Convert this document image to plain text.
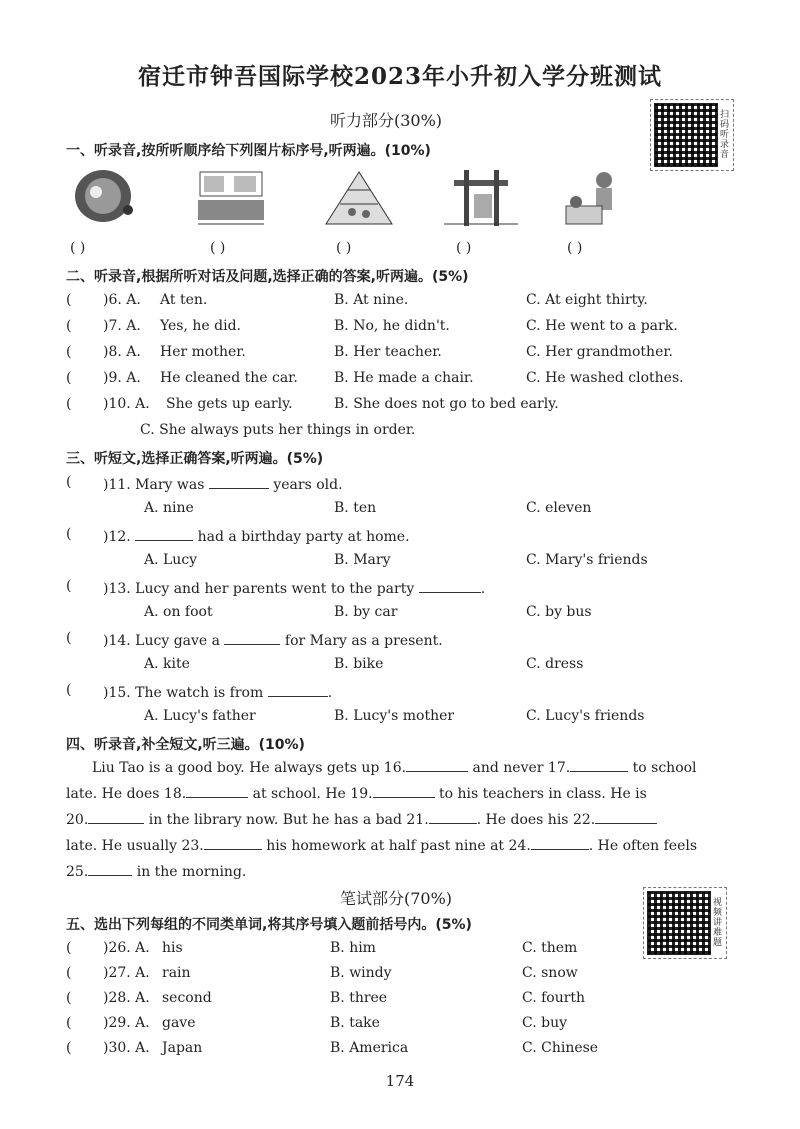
宿迁市钟吾国际学校2023年小升初入学分班测试
听力部分(30%)	扫码听录音
一、听录音,按所听顺序给下列图片标序号,听两遍。(10%)
( )	( )	( )	( )	( )
二、听录音,根据所听对话及问题,选择正确的答案,听两遍。(5%)
( )6. A. At ten.	B. At nine.	C. At eight thirty.
( )7. A. Yes, he did.	B. No, he didn't.	C. He went to a park.
( )8. A. Her mother.	B. Her teacher.	C. Her grandmother.
( )9. A. He cleaned the car.	B. He made a chair.	C. He washed clothes.
( )10. A. She gets up early.	B. She does not go to bed early.
C. She always puts her things in order.
三、听短文,选择正确答案,听两遍。(5%)
( )11. Mary was	years old.
A. nine	B. ten	C. eleven
( )12.	had a birthday party at home.
A. Lucy	B. Mary	C. Mary's friends
( )13. Lucy and her parents went to the party	.
A. on foot	B. by car	C. by bus
( )14. Lucy gave a	for Mary as a present.
A. kite	B. bike	C. dress
( )15. The watch is from	.
A. Lucy's father	B. Lucy's mother	C. Lucy's friends
四、听录音,补全短文,听三遍。(10%)
Liu Tao is a good boy. He always gets up 16.	and never 17.	to school
late. He does 18.	at school. He 19.	to his teachers in class. He is
20.	in the library now. But he has a bad 21.	. He does his 22.
late. He usually 23.	his homework at half past nine at 24.	. He often feels
25.	in the morning.
笔试部分(70%)	视频讲难题
五、选出下列每组的不同类单词,将其序号填入题前括号内。(5%)
( )26. A. his	B. him	C. them
( )27. A. rain	B. windy	C. snow
( )28. A. second	B. three	C. fourth
( )29. A. gave	B. take	C. buy
( )30. A. Japan	B. America	C. Chinese
174
